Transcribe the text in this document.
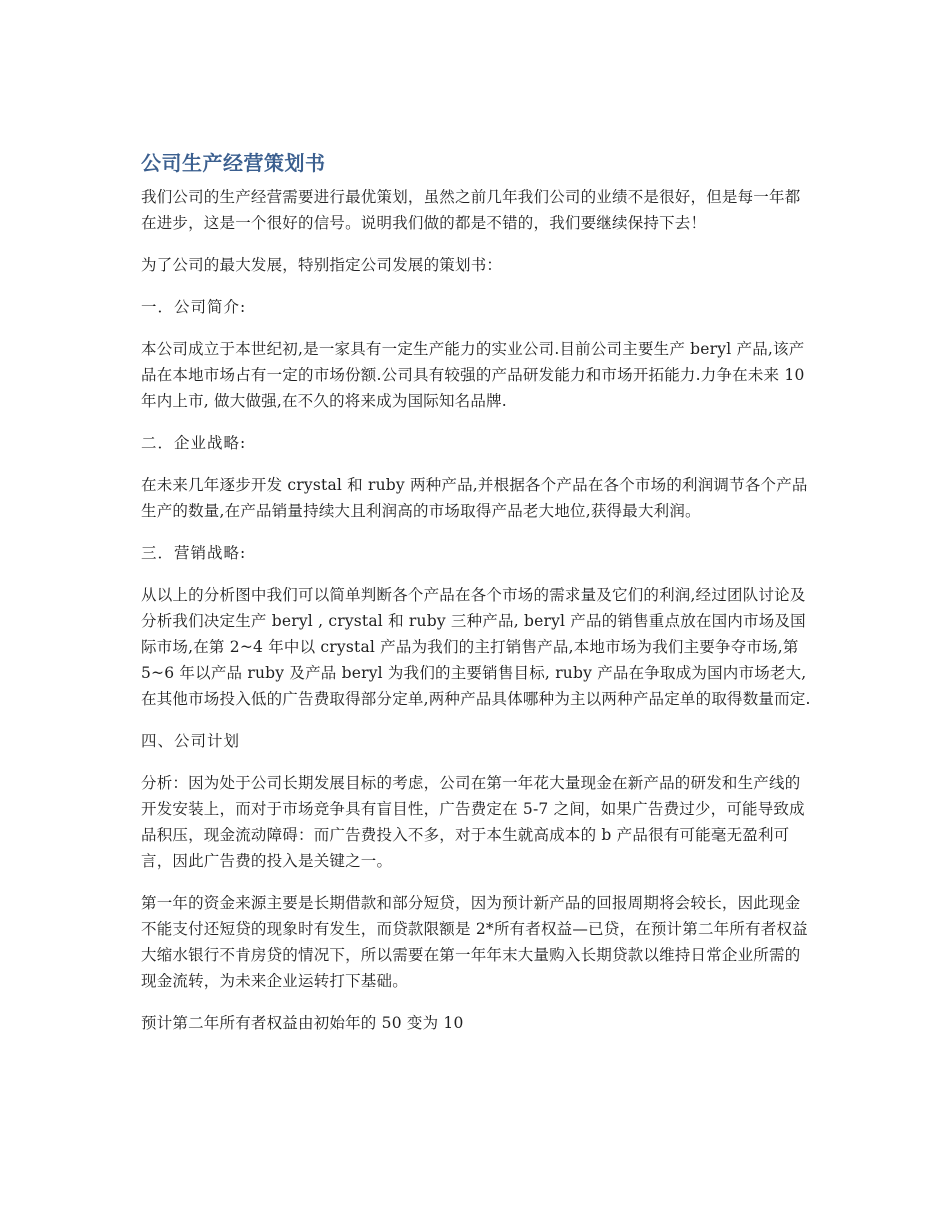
公司生产经营策划书

我们公司的生产经营需要进行最优策划，虽然之前几年我们公司的业绩不是很好，但是每一年都在进步，这是一个很好的信号。说明我们做的都是不错的，我们要继续保持下去！

为了公司的最大发展，特别指定公司发展的策划书：

一．公司简介:

本公司成立于本世纪初,是一家具有一定生产能力的实业公司.目前公司主要生产 beryl 产品,该产品在本地市场占有一定的市场份额.公司具有较强的产品研发能力和市场开拓能力.力争在未来 10 年内上市, 做大做强,在不久的将来成为国际知名品牌.

二．企业战略:

在未来几年逐步开发 crystal 和 ruby 两种产品,并根据各个产品在各个市场的利润调节各个产品生产的数量,在产品销量持续大且利润高的市场取得产品老大地位,获得最大利润。

三．营销战略:

从以上的分析图中我们可以简单判断各个产品在各个市场的需求量及它们的利润,经过团队讨论及分析我们决定生产 beryl , crystal 和 ruby 三种产品, beryl 产品的销售重点放在国内市场及国际市场,在第 2~4 年中以 crystal 产品为我们的主打销售产品,本地市场为我们主要争夺市场,第 5~6 年以产品 ruby 及产品 beryl 为我们的主要销售目标, ruby 产品在争取成为国内市场老大,在其他市场投入低的广告费取得部分定单,两种产品具体哪种为主以两种产品定单的取得数量而定.

四、公司计划

分析：因为处于公司长期发展目标的考虑，公司在第一年花大量现金在新产品的研发和生产线的开发安装上，而对于市场竞争具有盲目性，广告费定在 5-7 之间，如果广告费过少，可能导致成品积压，现金流动障碍：而广告费投入不多，对于本生就高成本的 b 产品很有可能毫无盈利可言，因此广告费的投入是关键之一。

第一年的资金来源主要是长期借款和部分短贷，因为预计新产品的回报周期将会较长，因此现金不能支付还短贷的现象时有发生，而贷款限额是 2*所有者权益—已贷，在预计第二年所有者权益大缩水银行不肯房贷的情况下，所以需要在第一年年末大量购入长期贷款以维持日常企业所需的现金流转，为未来企业运转打下基础。

预计第二年所有者权益由初始年的 50 变为 10
